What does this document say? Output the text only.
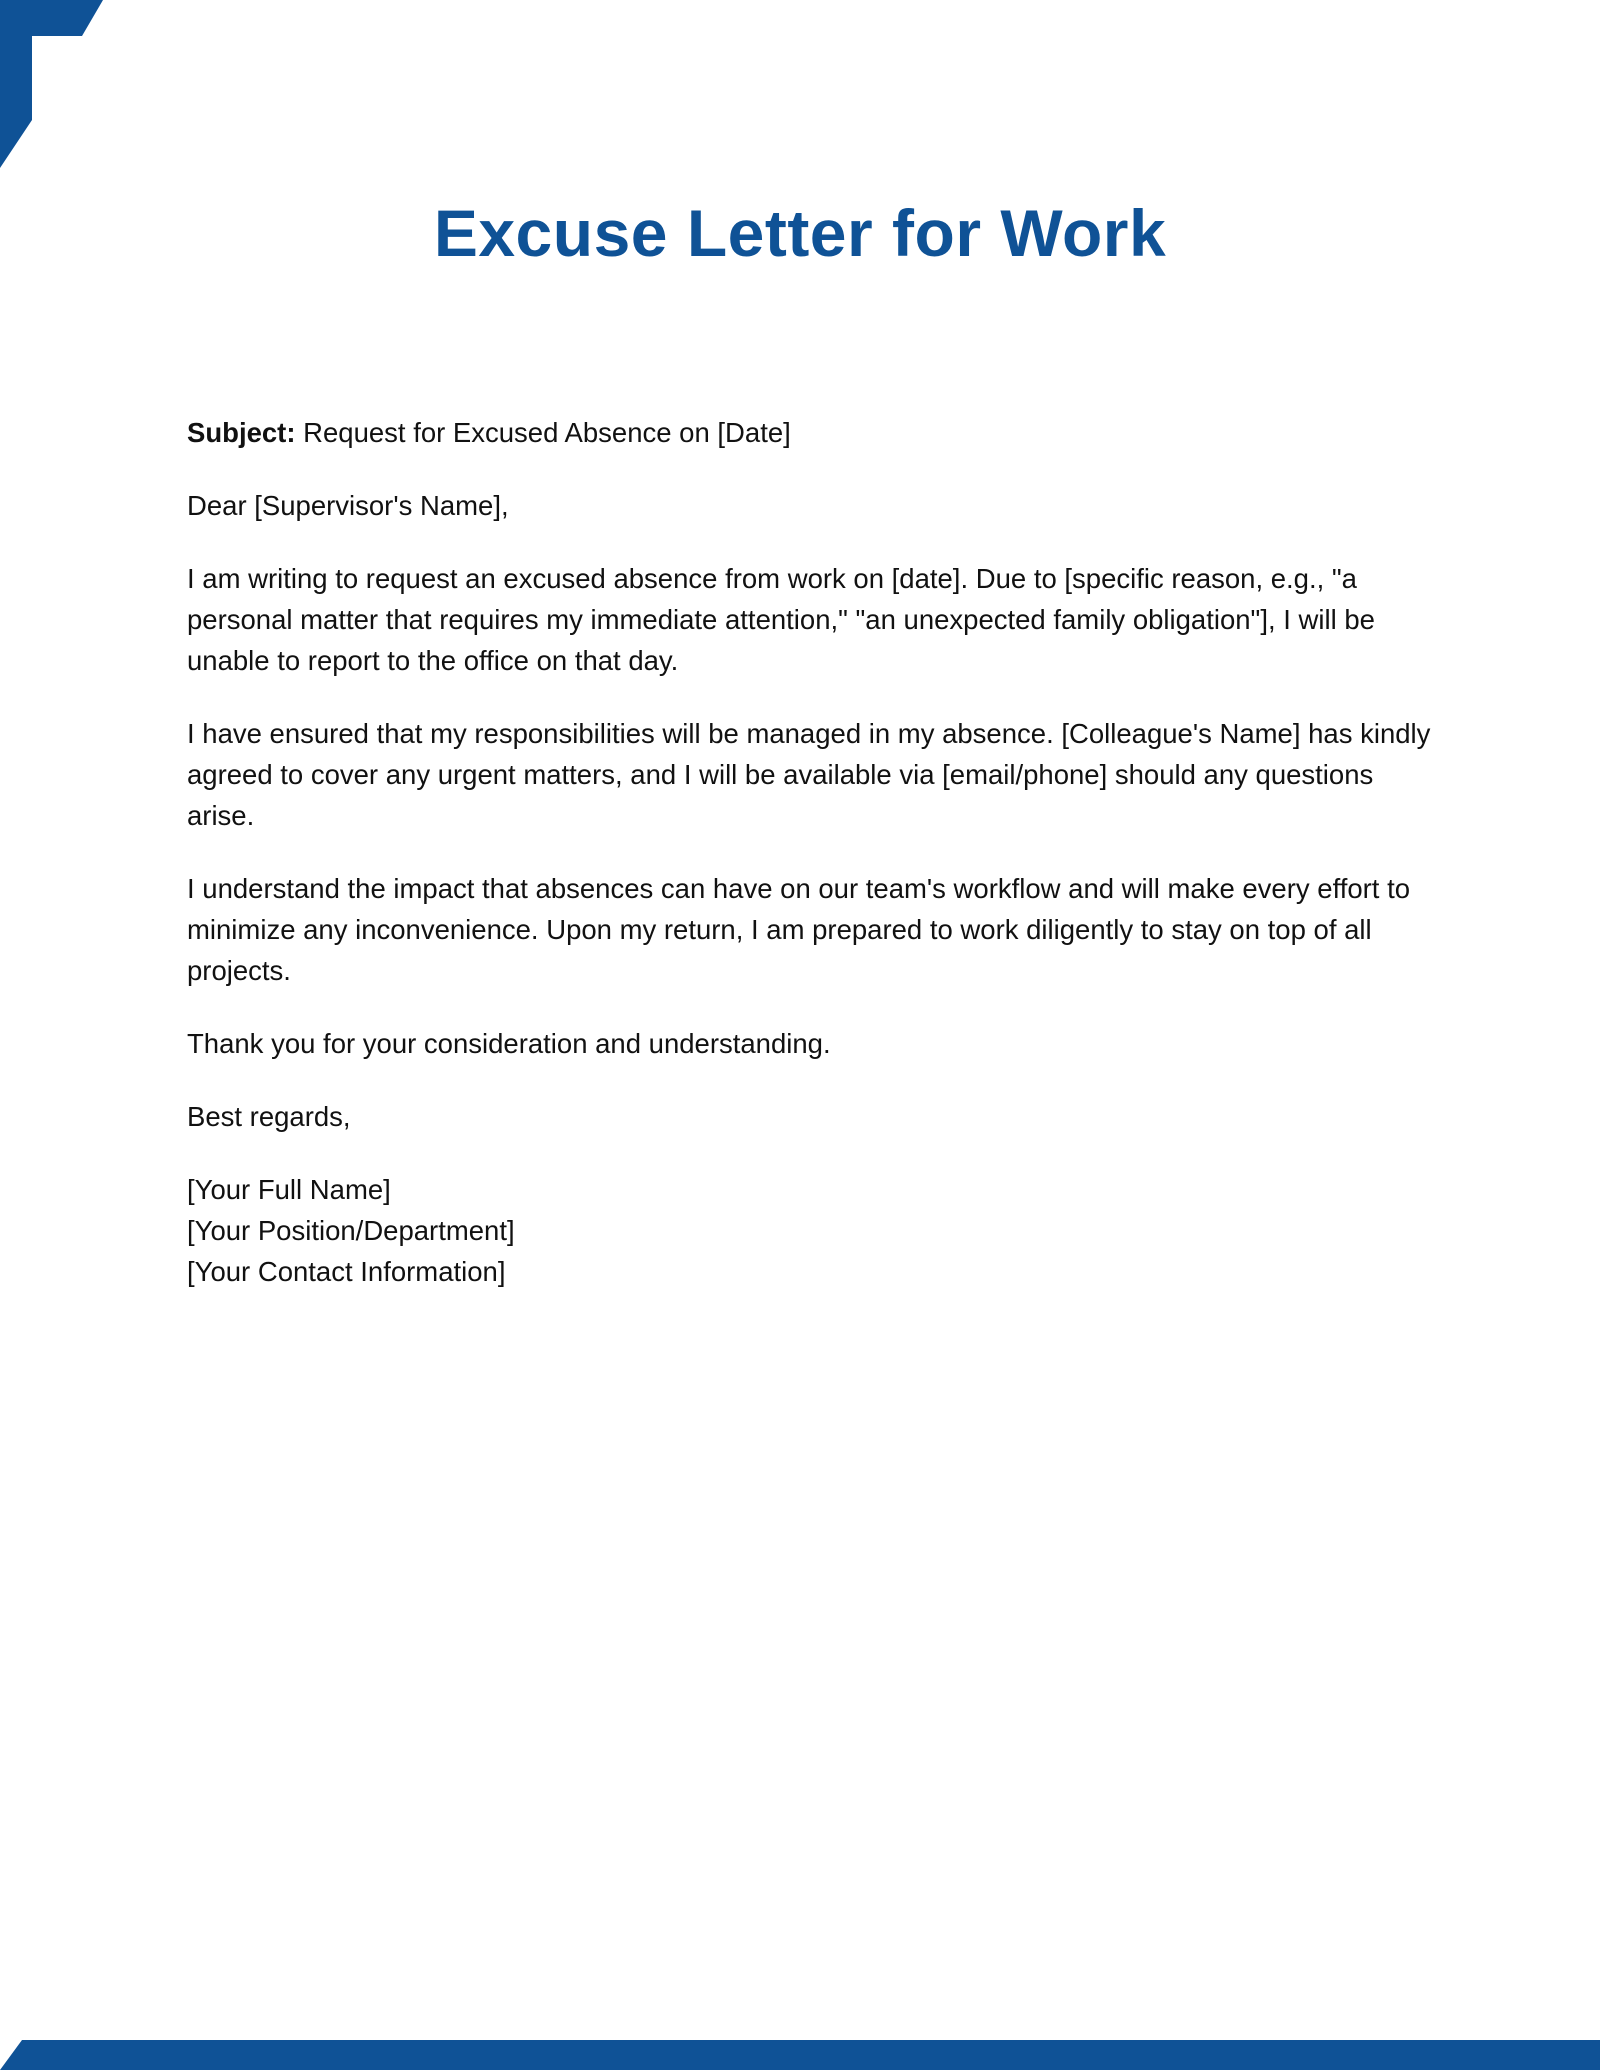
Excuse Letter for Work

Subject: Request for Excused Absence on [Date]

Dear [Supervisor's Name],

I am writing to request an excused absence from work on [date]. Due to [specific reason, e.g., "a personal matter that requires my immediate attention," "an unexpected family obligation"], I will be unable to report to the office on that day.

I have ensured that my responsibilities will be managed in my absence. [Colleague's Name] has kindly agreed to cover any urgent matters, and I will be available via [email/phone] should any questions arise.

I understand the impact that absences can have on our team's workflow and will make every effort to minimize any inconvenience. Upon my return, I am prepared to work diligently to stay on top of all projects.

Thank you for your consideration and understanding.

Best regards,

[Your Full Name]

[Your Position/Department]

[Your Contact Information]
